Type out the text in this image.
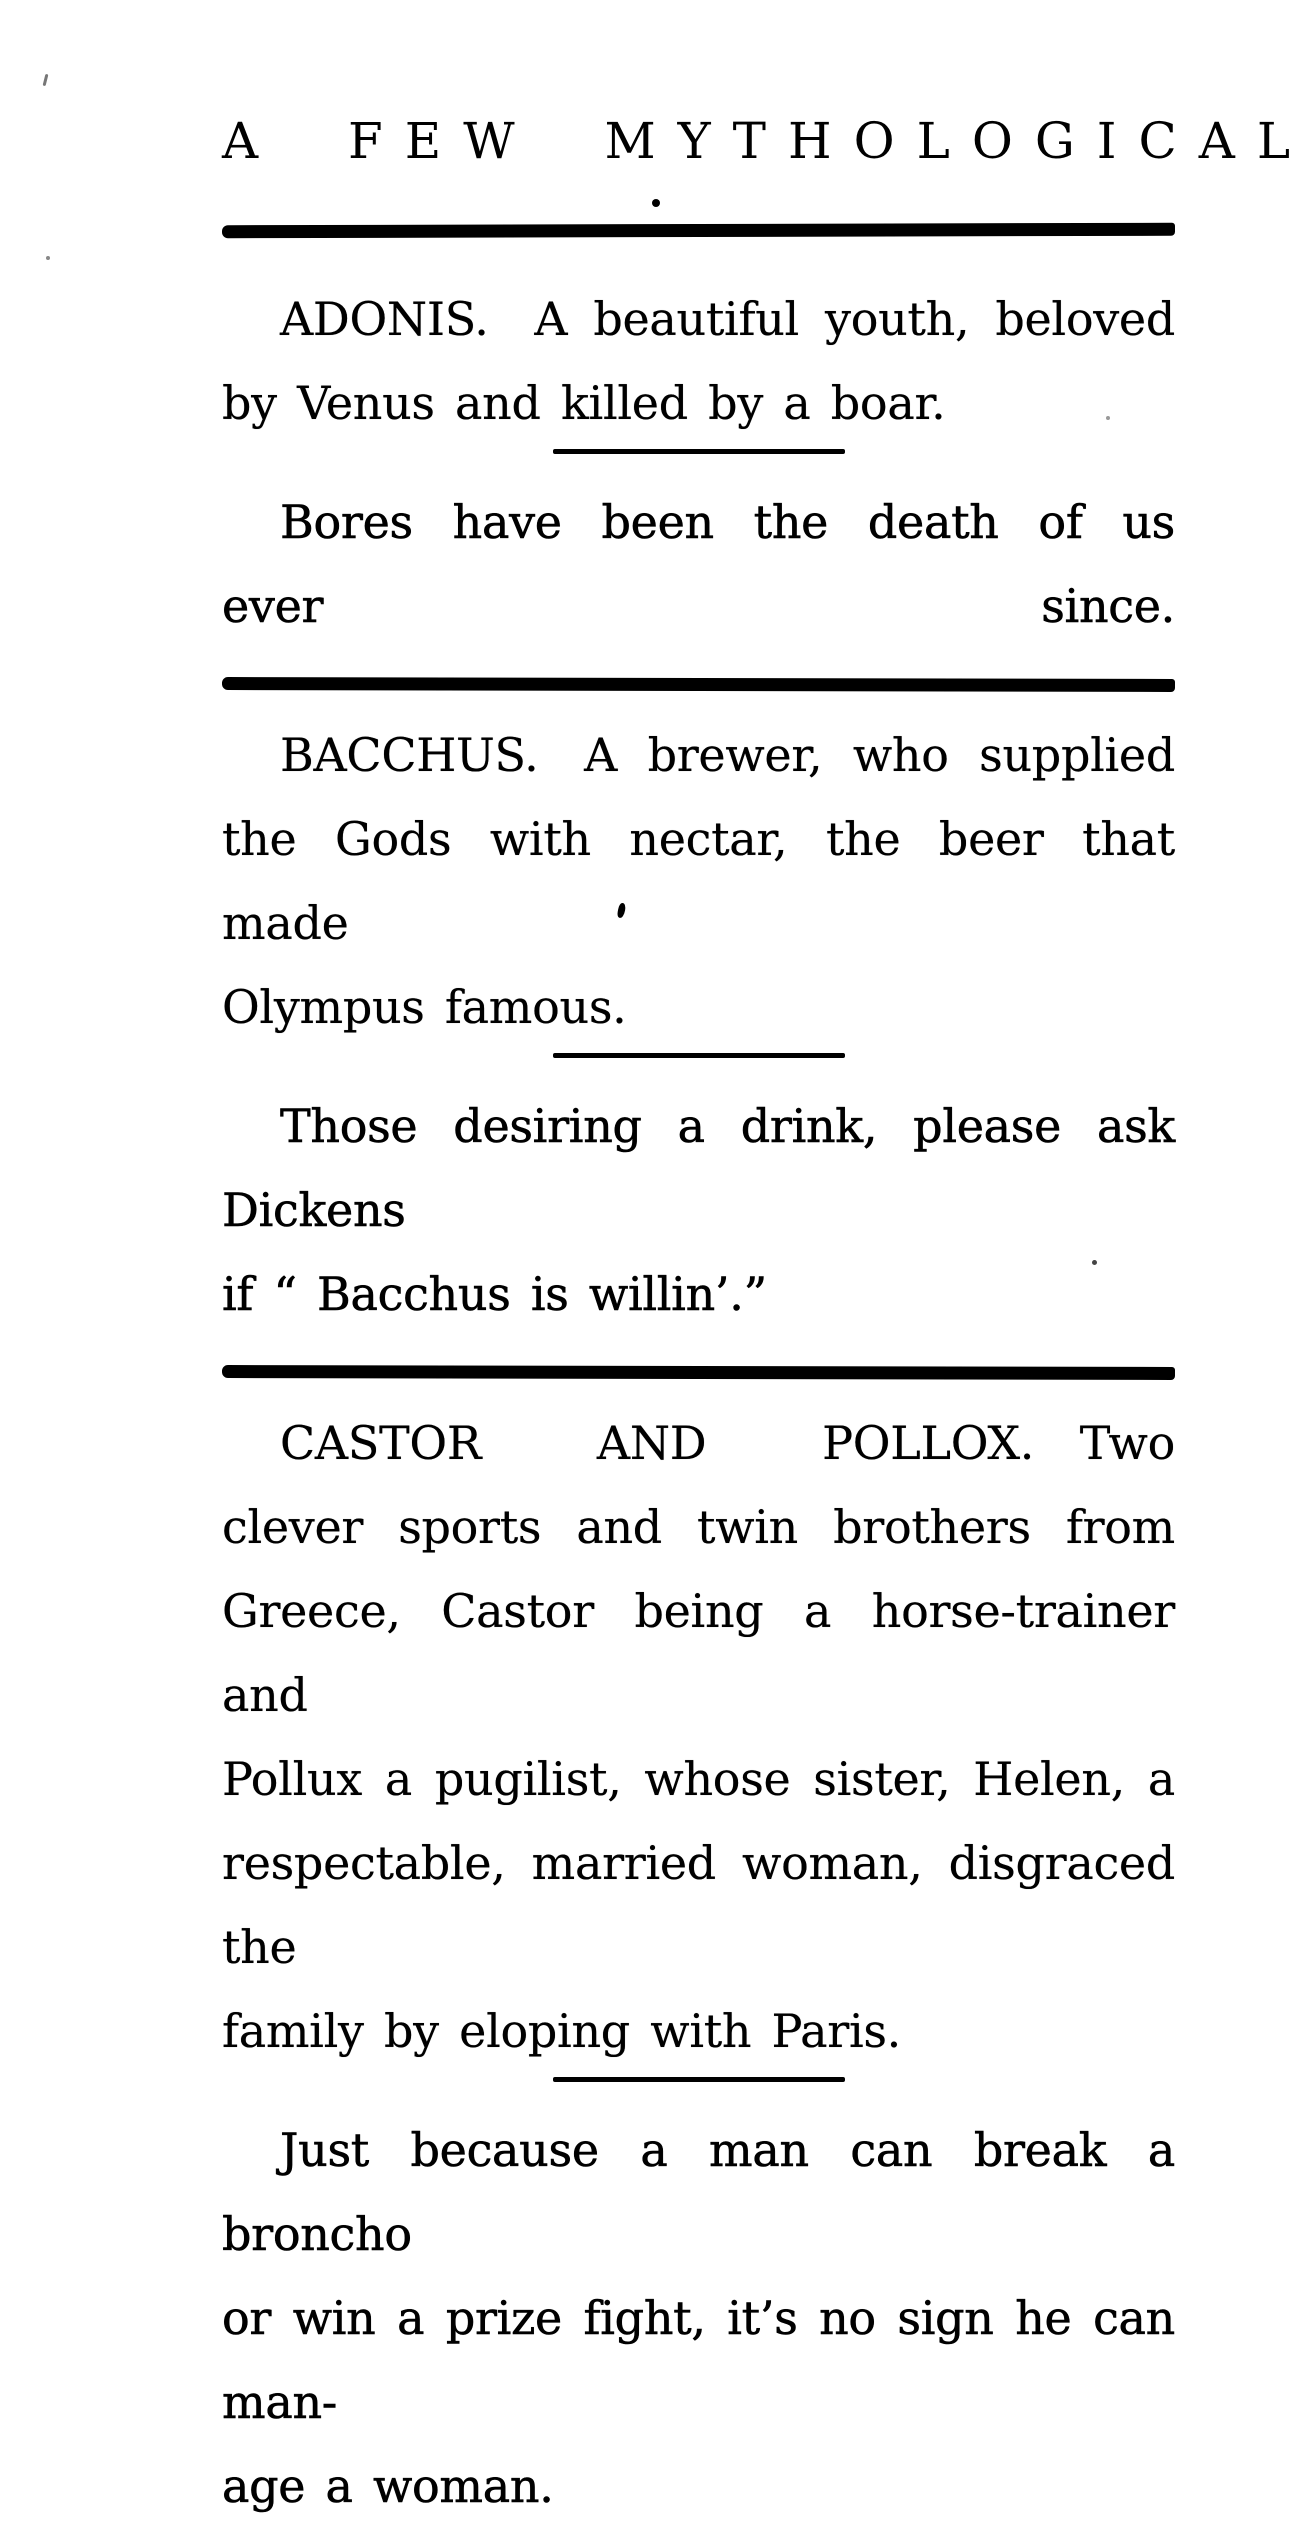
A FEW MYTHOLOGICAL

ADONIS. A beautiful youth, beloved
by Venus and killed by a boar.

Bores have been the death of us ever since.

BACCHUS. A brewer, who supplied
the Gods with nectar, the beer that made
Olympus famous.

Those desiring a drink, please ask Dickens
if “ Bacchus is willin’.”

CASTOR AND POLLOX. Two
clever sports and twin brothers from
Greece, Castor being a horse-trainer and
Pollux a pugilist, whose sister, Helen, a
respectable, married woman, disgraced the
family by eloping with Paris.

Just because a man can break a broncho
or win a prize fight, it’s no sign he can man-
age a woman.
